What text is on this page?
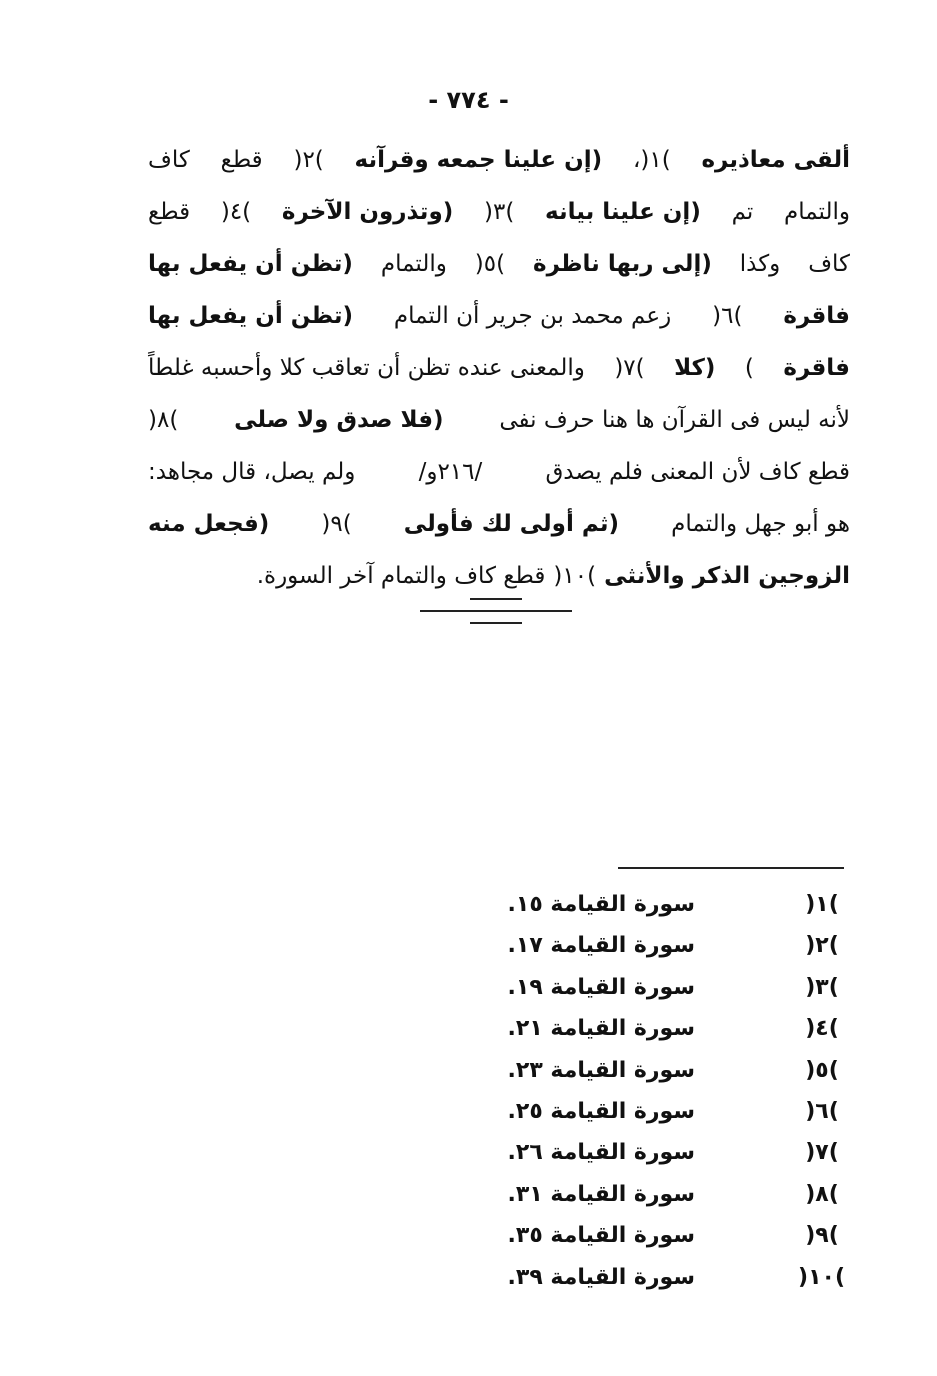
- ٧٧٤ -
ألقى معاذيره
)١(،
(إن علينا جمعه وقرآنه
)٢(
قطع
كاف
والتمام
تم
(إن علينا بيانه
)٣(
(وتذرون الآخرة
)٤(
قطع
كاف
وكذا
(إلى ربها ناظرة
)٥(
والتمام
(تظن أن يفعل بها
فاقرة
)٦(
زعم محمد بن جرير أن التمام
(تظن أن يفعل بها
فاقرة
)
(كلا
)٧(
والمعنى عنده تظن أن تعاقب كلا وأحسبه غلطاً
لأنه ليس فى القرآن ها هنا حرف نفى
(فلا صدق ولا صلى
)٨(
قطع كاف لأن المعنى فلم يصدق
/٢١٦و/
ولم يصل، قال مجاهد:
هو أبو جهل والتمام
(ثم أولى لك فأولى
)٩(
(فجعل منه
الزوجين الذكر والأنثى
)١٠(
قطع كاف والتمام آخر السورة.
)١(
سورة القيامة ١٥.
)٢(
سورة القيامة ١٧.
)٣(
سورة القيامة ١٩.
)٤(
سورة القيامة ٢١.
)٥(
سورة القيامة ٢٣.
)٦(
سورة القيامة ٢٥.
)٧(
سورة القيامة ٢٦.
)٨(
سورة القيامة ٣١.
)٩(
سورة القيامة ٣٥.
)١٠(
سورة القيامة ٣٩.
